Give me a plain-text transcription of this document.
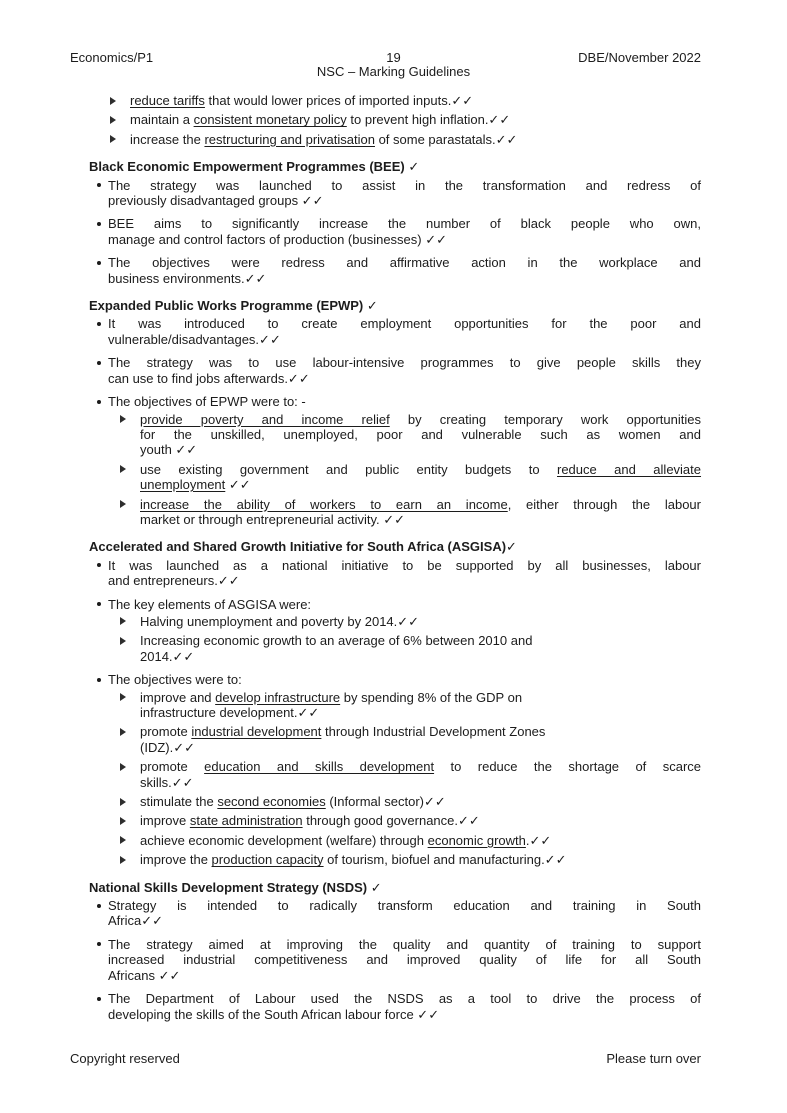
Economics/P1	19	DBE/November 2022
NSC – Marking Guidelines
reduce tariffs that would lower prices of imported inputs.✓✓
maintain a consistent monetary policy to prevent high inflation.✓✓
increase the restructuring and privatisation of some parastatals.✓✓
Black Economic Empowerment Programmes (BEE) ✓
The strategy was launched to assist in the transformation and redress of
previously disadvantaged groups ✓✓
BEE aims to significantly increase the number of black people who own,
manage and control factors of production (businesses) ✓✓
The objectives were redress and affirmative action in the workplace and
business environments.✓✓
Expanded Public Works Programme (EPWP) ✓
It was introduced to create employment opportunities for the poor and
vulnerable/disadvantages.✓✓
The strategy was to use labour-intensive programmes to give people skills they
can use to find jobs afterwards.✓✓
The objectives of EPWP were to: -
provide poverty and income relief by creating temporary work opportunities
for the unskilled, unemployed, poor and vulnerable such as women and
youth ✓✓
use existing government and public entity budgets to reduce and alleviate
unemployment ✓✓
increase the ability of workers to earn an income, either through the labour
market or through entrepreneurial activity. ✓✓
Accelerated and Shared Growth Initiative for South Africa (ASGISA)✓
It was launched as a national initiative to be supported by all businesses, labour
and entrepreneurs.✓✓
The key elements of ASGISA were:
Halving unemployment and poverty by 2014.✓✓
Increasing economic growth to an average of 6% between 2010 and
2014.✓✓
The objectives were to:
improve and develop infrastructure by spending 8% of the GDP on
infrastructure development.✓✓
promote industrial development through Industrial Development Zones
(IDZ).✓✓
promote education and skills development to reduce the shortage of scarce
skills.✓✓
stimulate the second economies (Informal sector)✓✓
improve state administration through good governance.✓✓
achieve economic development (welfare) through economic growth.✓✓
improve the production capacity of tourism, biofuel and manufacturing.✓✓
National Skills Development Strategy (NSDS) ✓
Strategy is intended to radically transform education and training in South
Africa✓✓
The strategy aimed at improving the quality and quantity of training to support
increased industrial competitiveness and improved quality of life for all South
Africans ✓✓
The Department of Labour used the NSDS as a tool to drive the process of
developing the skills of the South African labour force ✓✓
Copyright reserved	Please turn over
